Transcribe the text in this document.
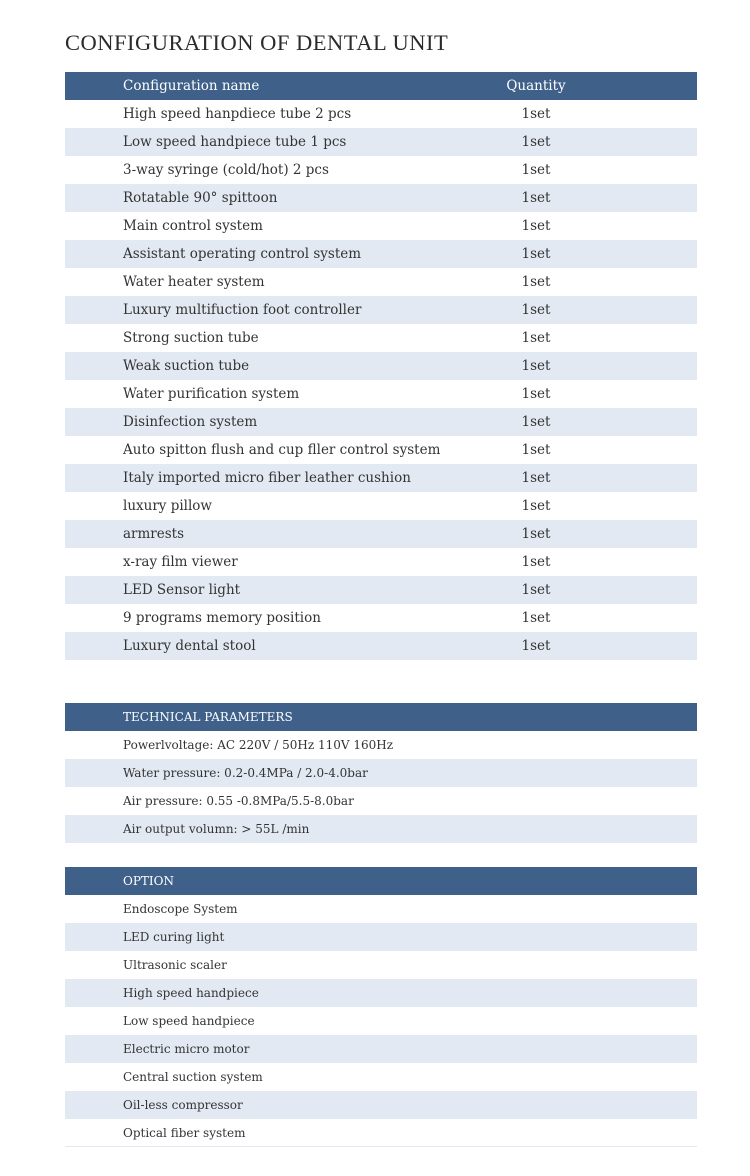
CONFIGURATION OF DENTAL UNIT
Configuration name	Quantity
High speed hanpdiece tube 2 pcs	1set
Low speed handpiece tube 1 pcs	1set
3-way syringe (cold/hot) 2 pcs	1set
Rotatable 90° spittoon	1set
Main control system	1set
Assistant operating control system	1set
Water heater system	1set
Luxury multifuction foot controller	1set
Strong suction tube	1set
Weak suction tube	1set
Water purification system	1set
Disinfection system	1set
Auto spitton flush and cup fller control system	1set
Italy imported micro fiber leather cushion	1set
luxury pillow	1set
armrests	1set
x-ray film viewer	1set
LED Sensor light	1set
9 programs memory position	1set
Luxury dental stool	1set
TECHNICAL PARAMETERS
Powerlvoltage: AC 220V / 50Hz 110V 160Hz
Water pressure: 0.2-0.4MPa / 2.0-4.0bar
Air pressure: 0.55 -0.8MPa/5.5-8.0bar
Air output volumn: > 55L /min
OPTION
Endoscope System
LED curing light
Ultrasonic scaler
High speed handpiece
Low speed handpiece
Electric micro motor
Central suction system
Oil-less compressor
Optical fiber system
